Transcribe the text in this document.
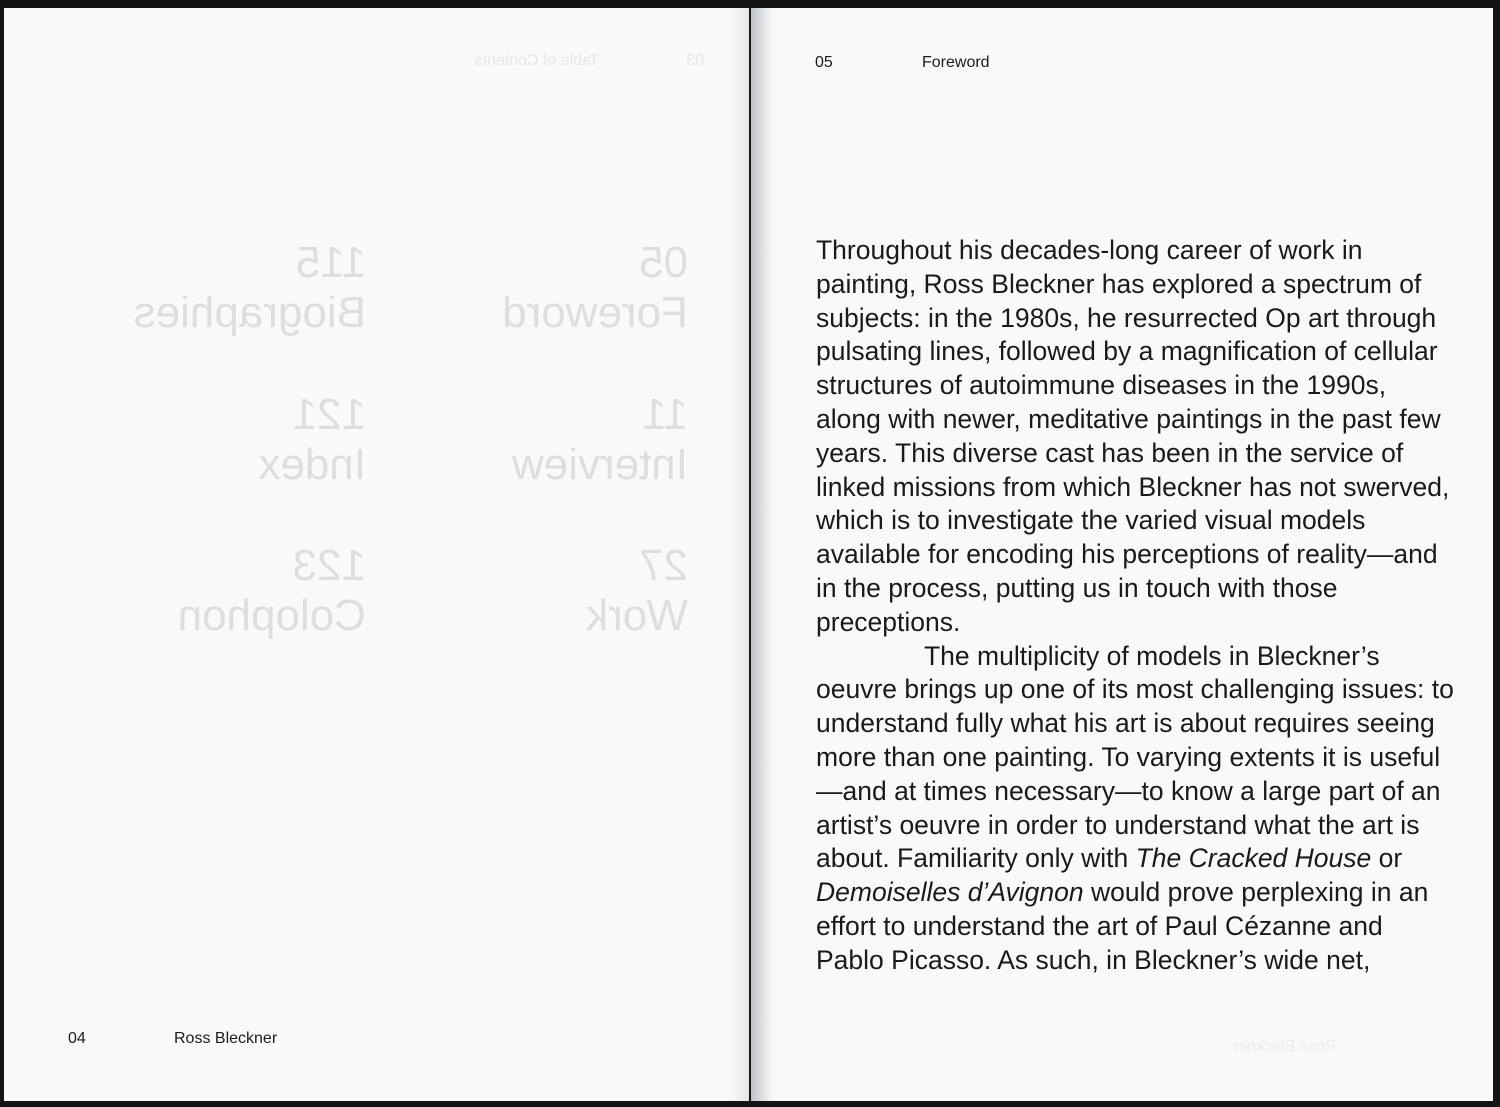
03
Table of Contents
05
Foreword
11
Interview
27
Work
115
Biographies
121
Index
123
Colophon
04	Ross Bleckner
05	Foreword

Throughout his decades-long career of work in painting, Ross Bleckner has explored a spectrum of subjects: in the 1980s, he resurrected Op art through pulsating lines, followed by a magnification of cellular structures of autoimmune diseases in the 1990s, along with newer, meditative paintings in the past few years. This diverse cast has been in the service of linked missions from which Bleckner has not swerved, which is to investigate the varied visual models available for encoding his perceptions of reality—and in the process, putting us in touch with those preceptions.

The multiplicity of models in Bleckner’s oeuvre brings up one of its most challenging issues: to understand fully what his art is about requires seeing more than one painting. To varying extents it is useful—and at times necessary—to know a large part of an artist’s oeuvre in order to understand what the art is about. Familiarity only with The Cracked House or Demoiselles d’Avignon would prove perplexing in an effort to understand the art of Paul Cézanne and Pablo Picasso. As such, in Bleckner’s wide net,

Ross Bleckner
